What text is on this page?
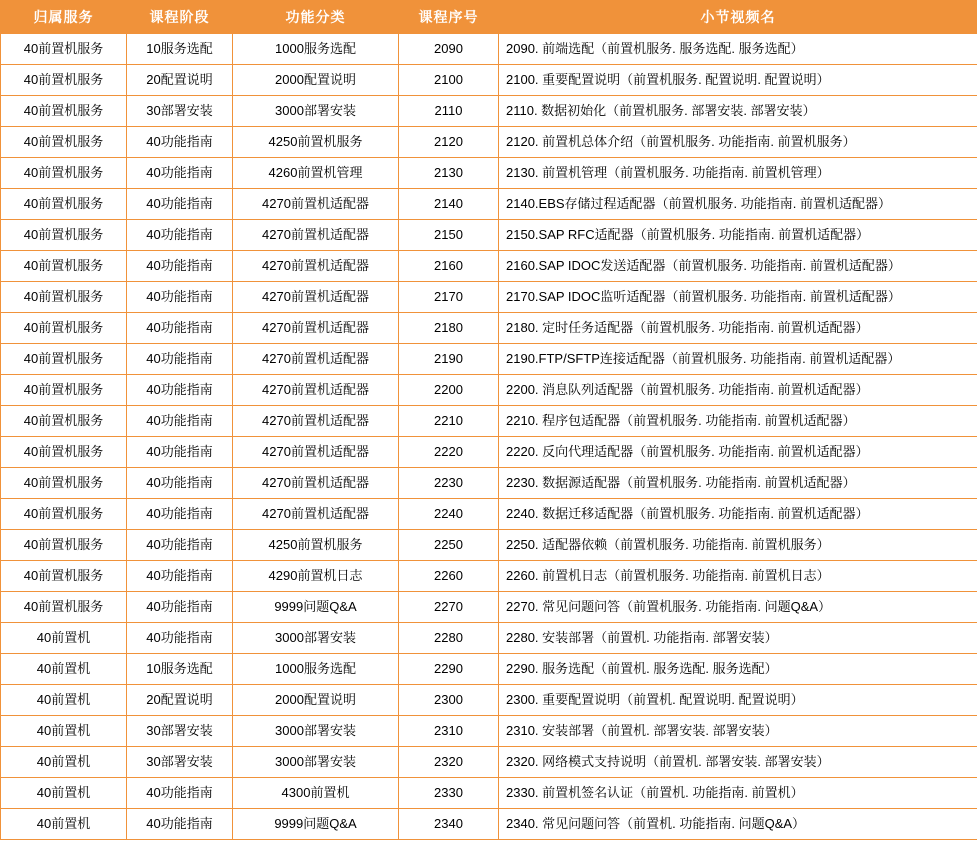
归属服务	课程阶段	功能分类	课程序号	小节视频名
40前置机服务	10服务选配	1000服务选配	2090	2090. 前端选配（前置机服务. 服务选配. 服务选配）
40前置机服务	20配置说明	2000配置说明	2100	2100. 重要配置说明（前置机服务. 配置说明. 配置说明）
40前置机服务	30部署安装	3000部署安装	2110	2110. 数据初始化（前置机服务. 部署安装. 部署安装）
40前置机服务	40功能指南	4250前置机服务	2120	2120. 前置机总体介绍（前置机服务. 功能指南. 前置机服务）
40前置机服务	40功能指南	4260前置机管理	2130	2130. 前置机管理（前置机服务. 功能指南. 前置机管理）
40前置机服务	40功能指南	4270前置机适配器	2140	2140.EBS存储过程适配器（前置机服务. 功能指南. 前置机适配器）
40前置机服务	40功能指南	4270前置机适配器	2150	2150.SAP RFC适配器（前置机服务. 功能指南. 前置机适配器）
40前置机服务	40功能指南	4270前置机适配器	2160	2160.SAP IDOC发送适配器（前置机服务. 功能指南. 前置机适配器）
40前置机服务	40功能指南	4270前置机适配器	2170	2170.SAP IDOC监听适配器（前置机服务. 功能指南. 前置机适配器）
40前置机服务	40功能指南	4270前置机适配器	2180	2180. 定时任务适配器（前置机服务. 功能指南. 前置机适配器）
40前置机服务	40功能指南	4270前置机适配器	2190	2190.FTP/SFTP连接适配器（前置机服务. 功能指南. 前置机适配器）
40前置机服务	40功能指南	4270前置机适配器	2200	2200. 消息队列适配器（前置机服务. 功能指南. 前置机适配器）
40前置机服务	40功能指南	4270前置机适配器	2210	2210. 程序包适配器（前置机服务. 功能指南. 前置机适配器）
40前置机服务	40功能指南	4270前置机适配器	2220	2220. 反向代理适配器（前置机服务. 功能指南. 前置机适配器）
40前置机服务	40功能指南	4270前置机适配器	2230	2230. 数据源适配器（前置机服务. 功能指南. 前置机适配器）
40前置机服务	40功能指南	4270前置机适配器	2240	2240. 数据迁移适配器（前置机服务. 功能指南. 前置机适配器）
40前置机服务	40功能指南	4250前置机服务	2250	2250. 适配器依赖（前置机服务. 功能指南. 前置机服务）
40前置机服务	40功能指南	4290前置机日志	2260	2260. 前置机日志（前置机服务. 功能指南. 前置机日志）
40前置机服务	40功能指南	9999问题Q&A	2270	2270. 常见问题问答（前置机服务. 功能指南. 问题Q&A）
40前置机	40功能指南	3000部署安装	2280	2280. 安装部署（前置机. 功能指南. 部署安装）
40前置机	10服务选配	1000服务选配	2290	2290. 服务选配（前置机. 服务选配. 服务选配）
40前置机	20配置说明	2000配置说明	2300	2300. 重要配置说明（前置机. 配置说明. 配置说明）
40前置机	30部署安装	3000部署安装	2310	2310. 安装部署（前置机. 部署安装. 部署安装）
40前置机	30部署安装	3000部署安装	2320	2320. 网络模式支持说明（前置机. 部署安装. 部署安装）
40前置机	40功能指南	4300前置机	2330	2330. 前置机签名认证（前置机. 功能指南. 前置机）
40前置机	40功能指南	9999问题Q&A	2340	2340. 常见问题问答（前置机. 功能指南. 问题Q&A）
